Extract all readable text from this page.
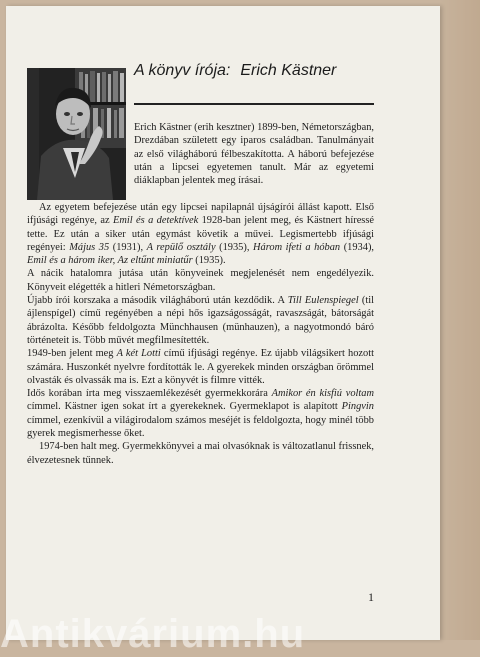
A könyv írója: Erich Kästner

Erich Kästner (erih kesztner) 1899-ben, Németországban, Drezdában született egy iparos családban. Tanulmányait az első világháború félbeszakította. A háború befejezése után a lipcsei egyetemen tanult. Már az egyetemi diáklapban jelentek meg írásai.

Az egyetem befejezése után egy lipcsei napilapnál újságírói állást kapott. Első ifjúsági regénye, az Emil és a detektívek 1928-ban jelent meg, és Kästnert híressé tette. Ez után a siker után egymást követik a művei. Legismertebb ifjúsági regényei: Május 35 (1931), A repülő osztály (1935), Három ifeti a hóban (1934), Emil és a három iker, Az eltűnt miniatűr (1935).

A nácik hatalomra jutása után könyveinek megjelenését nem engedélyezik. Könyveit elégették a hitleri Németországban.

Újabb írói korszaka a második világháború után kezdődik. A Till Eulenspiegel (til ájlenspígel) című regényében a népi hős igazságosságát, ravaszságát, bátorságát ábrázolta. Később feldolgozta Münchhausen (münhauzen), a nagyotmondó báró történeteit is. Több művét megfilmesítették.

1949-ben jelent meg A két Lotti című ifjúsági regénye. Ez újabb világsikert hozott számára. Huszonkét nyelvre fordították le. A gyerekek minden országban örömmel olvasták és olvassák ma is. Ezt a könyvét is filmre vitték.

Idős korában írta meg visszaemlékezését gyermekkorára Amikor én kisfiú voltam címmel. Kästner igen sokat írt a gyerekeknek. Gyermeklapot is alapított Pingvin címmel, ezenkívül a világirodalom számos meséjét is feldolgozta, hogy minél több gyerek megismerhesse őket.

1974-ben halt meg. Gyermekkönyvei a mai olvasóknak is változatlanul frissnek, élvezetesnek tűnnek.

1
Antikvárium.hu
